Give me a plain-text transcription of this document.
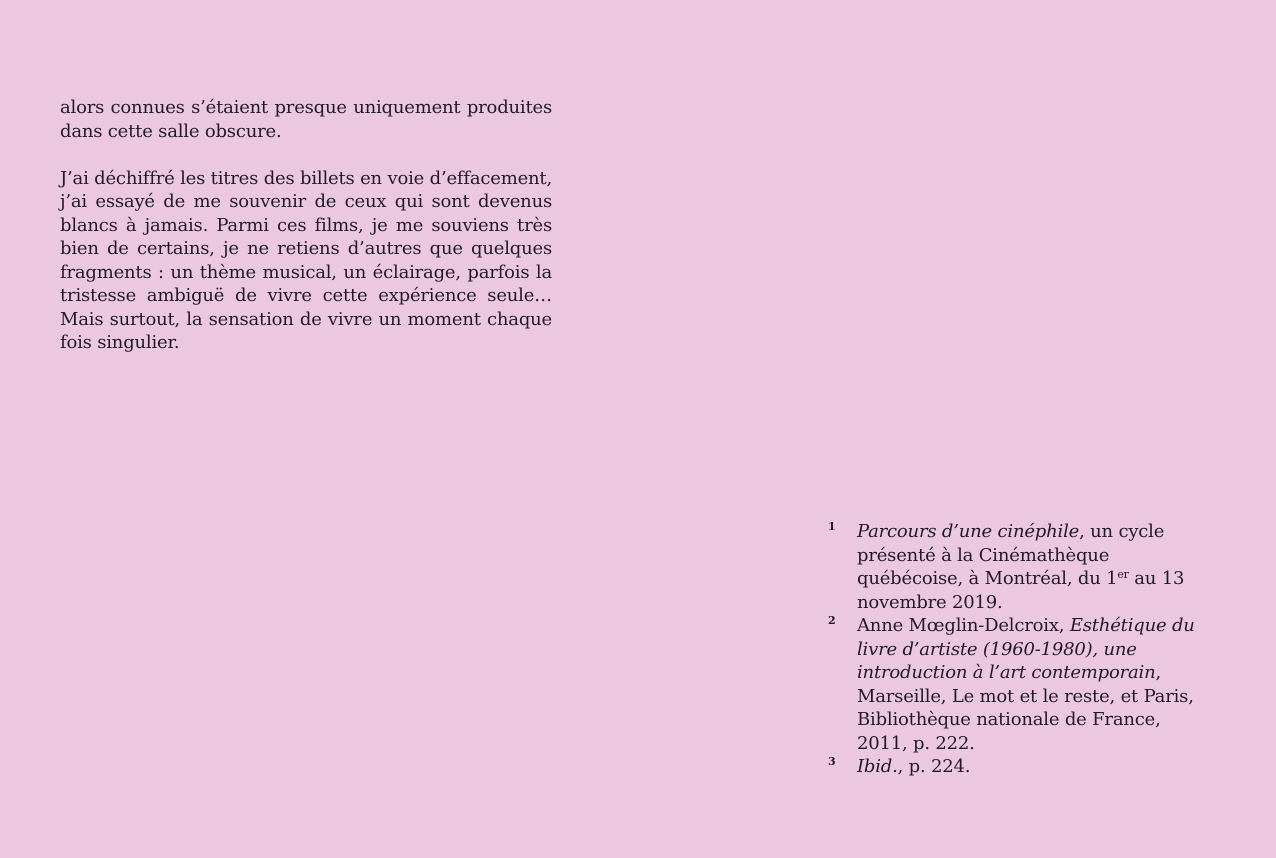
alors connues s’étaient presque uniquement produites dans cette salle obscure.

J’ai déchiffré les titres des billets en voie d’effacement, j’ai essayé de me souvenir de ceux qui sont devenus blancs à jamais. Parmi ces films, je me souviens très bien de certains, je ne retiens d’autres que quelques fragments : un thème musical, un éclairage, parfois la tristesse ambiguë de vivre cette expérience seule… Mais surtout, la sensation de vivre un moment chaque fois singulier.

1	Parcours d’une cinéphile, un cycle présenté à la Cinémathèque québécoise, à Montréal, du 1er au 13 novembre 2019.
2	Anne Mœglin-Delcroix, Esthétique du livre d’artiste (1960-1980), une introduction à l’art contemporain, Marseille, Le mot et le reste, et Paris, Bibliothèque nationale de France, 2011, p. 222.
3	Ibid., p. 224.
